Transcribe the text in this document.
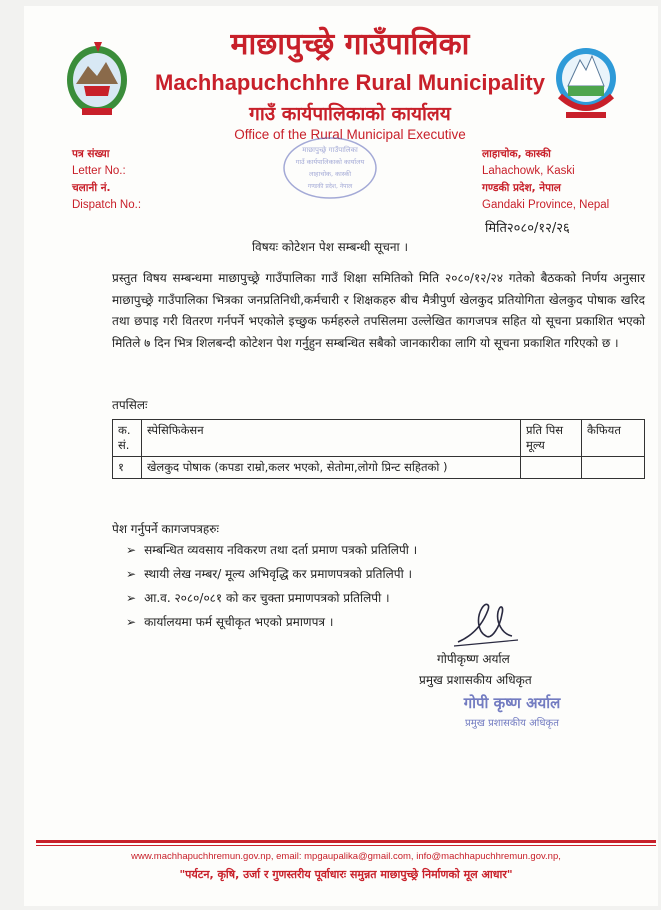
माछापुच्छ्रे गाउँपालिका
Machhapuchchhre Rural Municipality
गाउँ कार्यपालिकाको कार्यालय
Office of the Rural Municipal Executive
पत्र संख्या
Letter No.:
चलानी नं.
Dispatch No.:
लाहाचोक, कास्की
Lahachowk, Kaski
गण्डकी प्रदेश, नेपाल
Gandaki Province, Nepal
माछापुच्छ्रे गाउँपालिका
गाउँ कार्यपालिकाको कार्यालय
लाहाचोक, कास्की
गण्डकी प्रदेश, नेपाल
मिति२०८०/१२/२६
विषयः कोटेशन पेश सम्बन्धी सूचना ।
प्रस्तुत विषय सम्बन्धमा माछापुच्छ्रे गाउँपालिका गाउँ शिक्षा समितिको मिति २०८०/१२/२४ गतेको बैठकको निर्णय अनुसार माछापुच्छ्रे गाउँपालिका भित्रका जनप्रतिनिधी,कर्मचारी र शिक्षकहरु बीच मैत्रीपुर्ण खेलकुद प्रतियोगिता खेलकुद पोषाक खरिद तथा छपाइ गरी वितरण गर्नपर्ने भएकोले इच्छुक फर्महरुले तपसिलमा उल्लेखित कागजपत्र सहित यो सूचना प्रकाशित भएको मितिले ७ दिन भित्र शिलबन्दी कोटेशन पेश गर्नुहुन सम्बन्धित सबैको जानकारीका लागि यो सूचना प्रकाशित गरिएको छ ।
तपसिलः
क. सं.	स्पेसिफिकेसन	प्रति पिस मूल्य	कैफियत
१	खेलकुद पोषाक (कपडा राम्रो,कलर भएको, सेतोमा,लोगो प्रिन्ट सहितको )		
पेश गर्नुपर्ने कागजपत्रहरुः
➢ सम्बन्धित व्यवसाय नविकरण तथा दर्ता प्रमाण पत्रको प्रतिलिपी ।
➢ स्थायी लेख नम्बर/ मूल्य अभिवृद्धि कर प्रमाणपत्रको प्रतिलिपी ।
➢ आ.व. २०८०/०८१ को कर चुक्ता प्रमाणपत्रको प्रतिलिपी ।
➢ कार्यालयमा फर्म सूचीकृत भएको प्रमाणपत्र ।
गोपीकृष्ण अर्याल
प्रमुख प्रशासकीय अधिकृत
गोपी कृष्ण अर्याल
प्रमुख प्रशासकीय अधिकृत
www.machhapuchhremun.gov.np, email: mpgaupalika@gmail.com, info@machhapuchhremun.gov.np,
"पर्यटन, कृषि, उर्जा र गुणस्तरीय पूर्वाधारः समुन्नत माछापुच्छ्रे निर्माणको मूल आधार"
